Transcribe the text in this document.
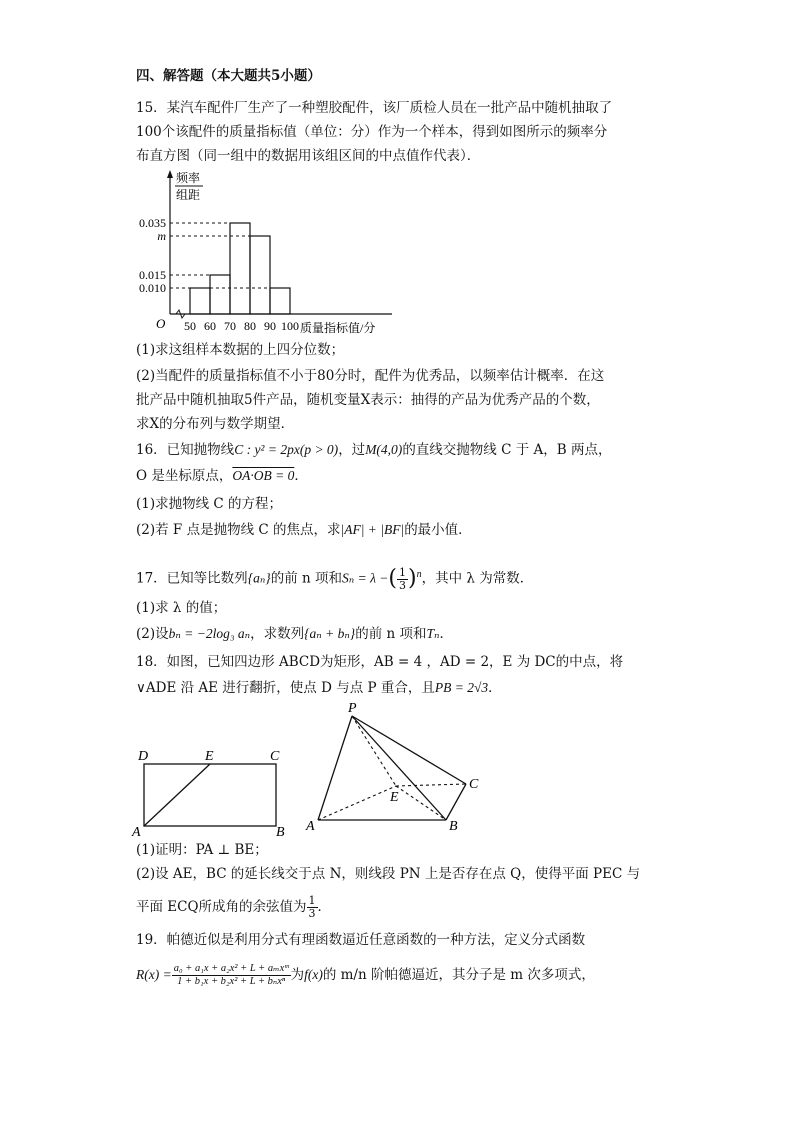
四、解答题（本大题共5小题）
15．某汽车配件厂生产了一种塑胶配件，该厂质检人员在一批产品中随机抽取了
100个该配件的质量指标值（单位：分）作为一个样本，得到如图所示的频率分
布直方图（同一组中的数据用该组区间的中点值作代表）．
0.035
m
0.015
0.010
50 60 70 80 90 100
O
频率
组距
质量指标值/分
(1)求这组样本数据的上四分位数；
(2)当配件的质量指标值不小于80分时，配件为优秀品，以频率估计概率．在这
批产品中随机抽取5件产品，随机变量X表示：抽得的产品为优秀产品的个数，
求X的分布列与数学期望．
16．已知抛物线C : y² = 2px(p > 0)，过M(4,0)的直线交抛物线 C 于 A，B 两点，
O 是坐标原点，OA·OB = 0．
(1)求抛物线 C 的方程；
(2)若 F 点是抛物线 C 的焦点，求|AF| + |BF|的最小值．
17．已知等比数列{aₙ}的前 n 项和Sₙ = λ −( $\frac{1}{3} )^n$，其中 λ 为常数．
(1)求 λ 的值；
(2)设bₙ = −2log₃ aₙ，求数列{aₙ + bₙ}的前 n 项和Tₙ．
18．如图，已知四边形 ABCD为矩形，AB = 4 ，AD = 2，E 为 DC的中点，将
∨ADE 沿 AE 进行翻折，使点 D 与点 P 重合，且PB = 2√3．
D	E	C
A	B
P
E
C
A	B
(1)证明：PA ⊥ BE；
(2)设 AE，BC 的延长线交于点 N，则线段 PN 上是否存在点 Q，使得平面 PEC 与
平面 ECQ所成角的余弦值为 $\frac{1}{3}$ ．
19．帕德近似是利用分式有理函数逼近任意函数的一种方法，定义分式函数
$R(x) = \frac{\text{a₀ + a₁x + a₂x² + L + aₘxᵐ}}{\text{1 + b₁x + b₂x² + L + bₙxⁿ}}$ 为f(x)的 m/n 阶帕德逼近，其分子是 m 次多项式，
